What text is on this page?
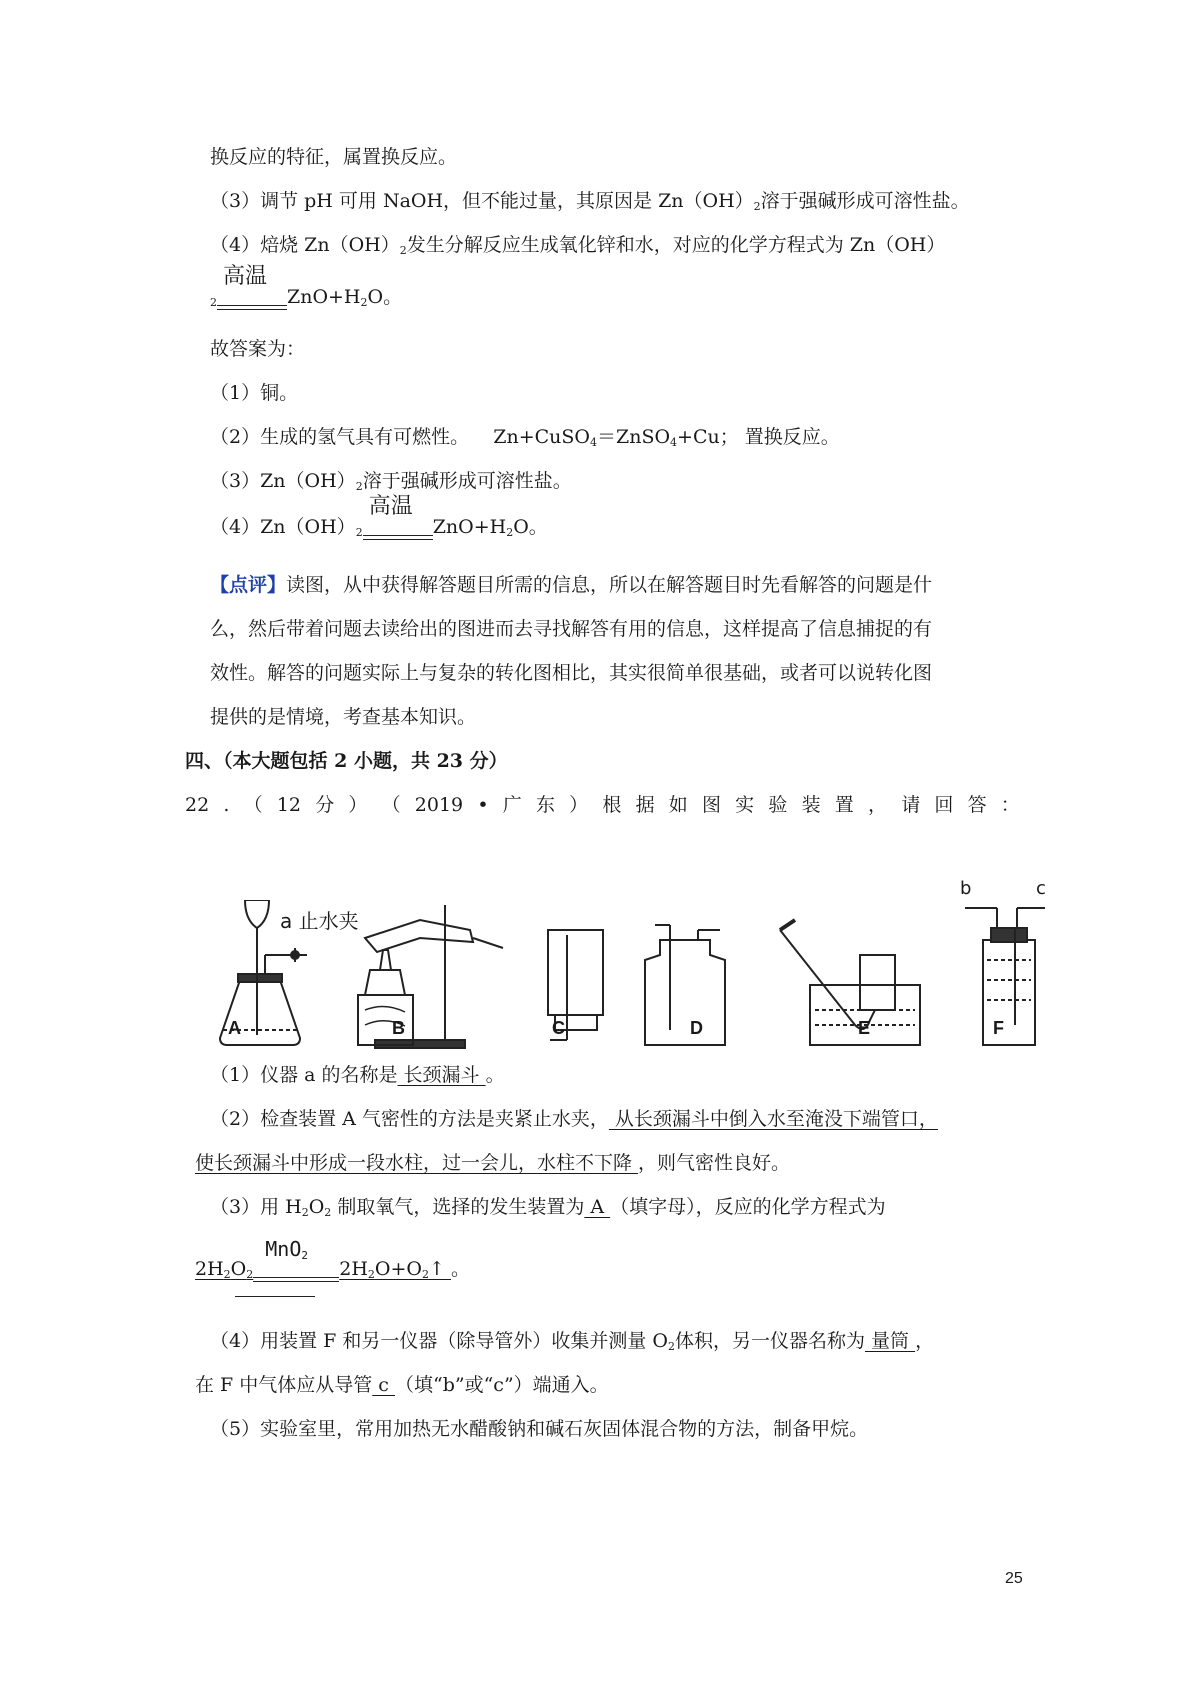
换反应的特征，属置换反应。
（3）调节 pH 可用 NaOH，但不能过量，其原因是 $Zn(OH)_2$溶于强碱形成可溶性盐。
（4）焙烧 $Zn(OH)_2$发生分解反应生成氧化锌和水，对应的化学方程式为 Zn（OH）
$_2$
高温
$ZnO+H_2O$。
故答案为：
（1）铜。
（2）生成的氢气具有可燃性。 Zn+CuSO$_4$＝ZnSO$_4$+Cu； 置换反应。
$(3)Zn(OH)_2$溶于强碱形成可溶性盐。
$(4)Zn(OH)_2$
高温
$ZnO+H_2O$。
【点评】读图，从中获得解答题目所需的信息，所以在解答题目时先看解答的问题是什
么，然后带着问题去读给出的图进而去寻找解答有用的信息，这样提高了信息捕捉的有
效性。解答的问题实际上与复杂的转化图相比，其实很简单很基础，或者可以说转化图
提供的是情境，考查基本知识。
四、（本大题包括 2 小题，共 23 分）
22 . （ 12 分 ） （ 2019 • 广 东 ） 根 据 如 图 实 验 装 置 ， 请 回 答 ：
a 止水夹
b	c
A	B	C	D	E	F
（1）仪器 a 的名称是 长颈漏斗 。
（2）检查装置 A 气密性的方法是夹紧止水夹， 从长颈漏斗中倒入水至淹没下端管口，
使长颈漏斗中形成一段水柱，过一会儿，水柱不下降 ，则气密性良好。
（3）用 $H_2O_2$ 制取氧气，选择的发生装置为 A （填字母），反应的化学方程式为
$2H_2O_2$
MnO$_2$
$2H_2O+O_2↑$ 。
（4）用装置 F 和另一仪器（除导管外）收集并测量 $O_2$体积，另一仪器名称为 量筒 ，
在 F 中气体应从导管 c （填“b”或“c”）端通入。
（5）实验室里，常用加热无水醋酸钠和碱石灰固体混合物的方法，制备甲烷。
25
